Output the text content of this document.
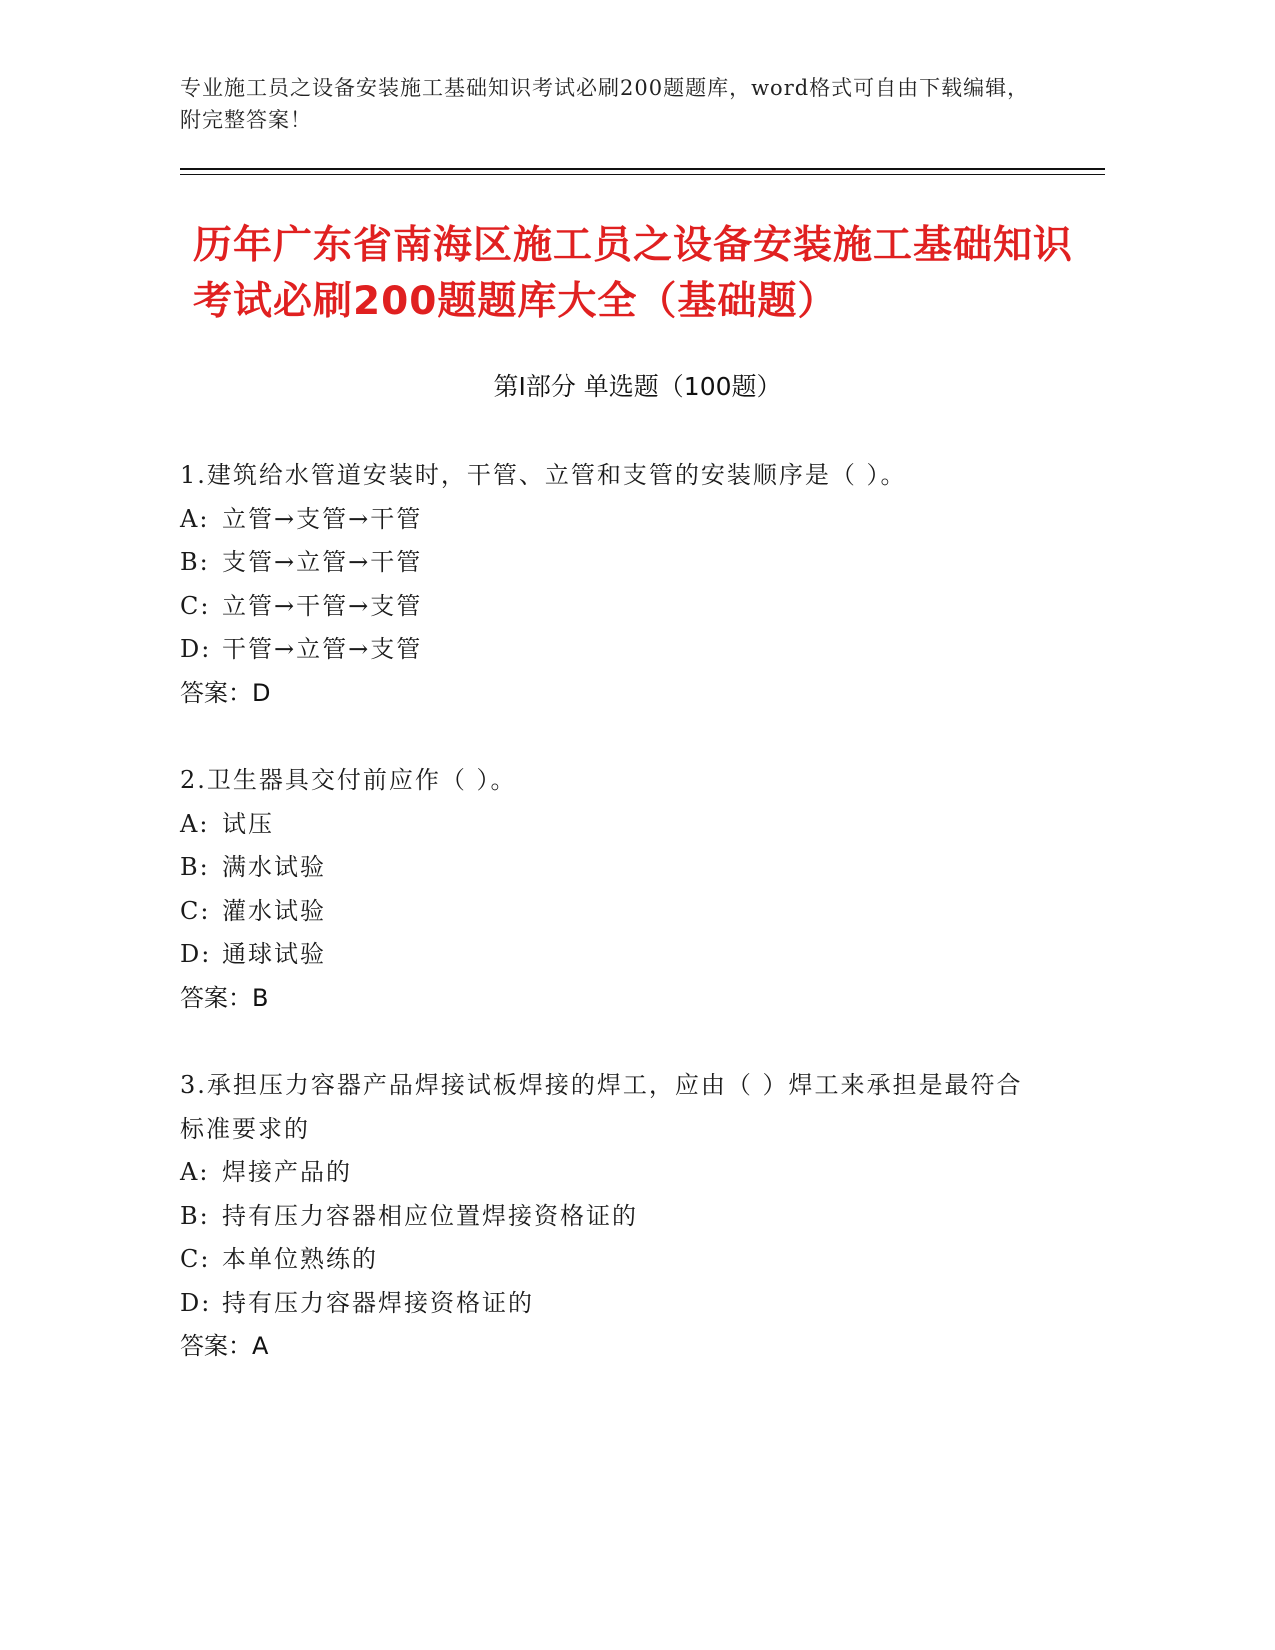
专业施工员之设备安装施工基础知识考试必刷200题题库，word格式可自由下载编辑，附完整答案！
历年广东省南海区施工员之设备安装施工基础知识考试必刷200题题库大全（基础题）
第Ⅰ部分 单选题（100题）
1.建筑给水管道安装时，干管、立管和支管的安装顺序是（ ）。
A: 立管→支管→干管
B: 支管→立管→干管
C: 立管→干管→支管
D: 干管→立管→支管
答案：D
2.卫生器具交付前应作（ ）。
A: 试压
B: 满水试验
C: 灌水试验
D: 通球试验
答案：B
3.承担压力容器产品焊接试板焊接的焊工，应由（ ）焊工来承担是最符合标准要求的
A: 焊接产品的
B: 持有压力容器相应位置焊接资格证的
C: 本单位熟练的
D: 持有压力容器焊接资格证的
答案：A
